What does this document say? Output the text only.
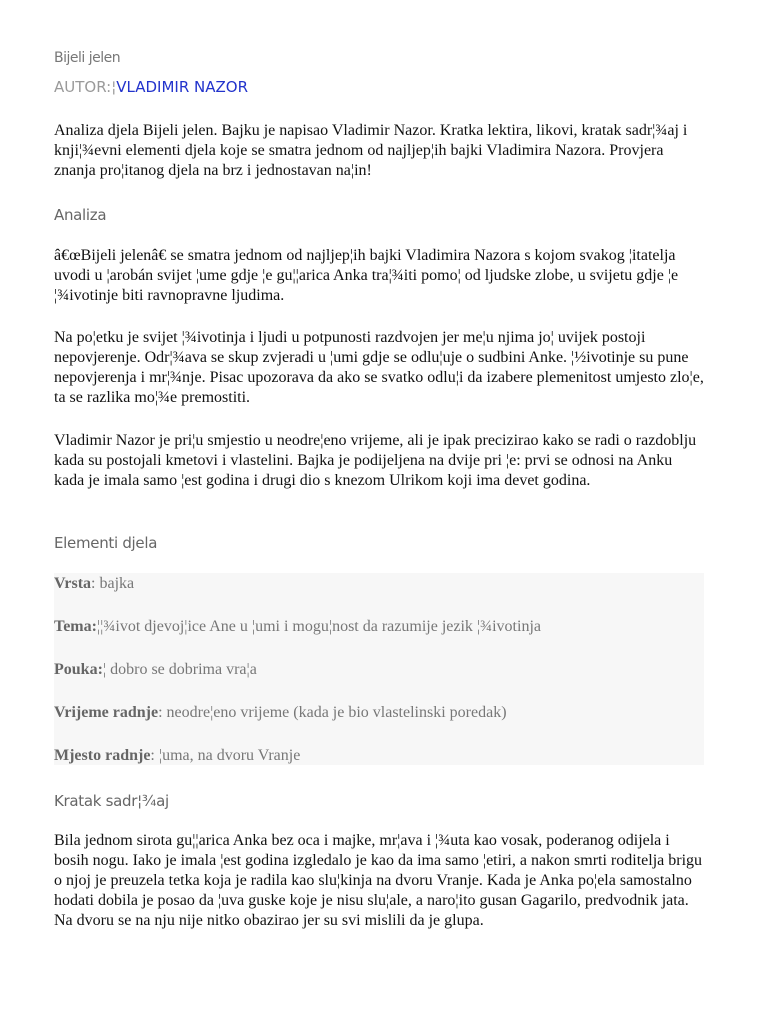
Bijeli jelen
AUTOR:¦VLADIMIR NAZOR

Analiza djela Bijeli jelen. Bajku je napisao Vladimir Nazor. Kratka lektira, likovi, kratak sadr¦¾aj i knji¦¾evni elementi djela koje se smatra jednom od najljep¦ih bajki Vladimira Nazora. Provjera znanja pro¦itanog djela na brz i jednostavan na¦in!

Analiza

â€œBijeli jelenâ€ se smatra jednom od najljep¦ih bajki Vladimira Nazora s kojom svakog ¦itatelja uvodi u ¦arobán svijet ¦ume gdje ¦e gu¦¦arica Anka tra¦¾iti pomo¦ od ljudske zlobe, u svijetu gdje ¦e ¦¾ivotinje biti ravnopravne ljudima.

Na po¦etku je svijet ¦¾ivotinja i ljudi u potpunosti razdvojen jer me¦u njima jo¦ uvijek postoji nepovjerenje. Odr¦¾ava se skup zvjeradi u ¦umi gdje se odlu¦uje o sudbini Anke. ¦½ivotinje su pune nepovjerenja i mr¦¾nje. Pisac upozorava da ako se svatko odlu¦i da izabere plemenitost umjesto zlo¦e, ta se razlika mo¦¾e premostiti.

Vladimir Nazor je pri¦u smjestio u neodre¦eno vrijeme, ali je ipak precizirao kako se radi o razdoblju kada su postojali kmetovi i vlastelini. Bajka je podijeljena na dvije pri ¦e: prvi se odnosi na Anku kada je imala samo ¦est godina i drugi dio s knezom Ulrikom koji ima devet godina.

Elementi djela
Vrsta: bajka
Tema:¦¦¾ivot djevoj¦ice Ane u ¦umi i mogu¦nost da razumije jezik ¦¾ivotinja
Pouka:¦ dobro se dobrima vra¦a
Vrijeme radnje: neodre¦eno vrijeme (kada je bio vlastelinski poredak)
Mjesto radnje: ¦uma, na dvoru Vranje
Kratak sadr¦¾aj

Bila jednom sirota gu¦¦arica Anka bez oca i majke, mr¦ava i ¦¾uta kao vosak, poderanog odijela i bosih nogu. Iako je imala ¦est godina izgledalo je kao da ima samo ¦etiri, a nakon smrti roditelja brigu o njoj je preuzela tetka koja je radila kao slu¦kinja na dvoru Vranje. Kada je Anka po¦ela samostalno hodati dobila je posao da ¦uva guske koje je nisu slu¦ale, a naro¦ito gusan Gagarilo, predvodnik jata. Na dvoru se na nju nije nitko obazirao jer su svi mislili da je glupa.
